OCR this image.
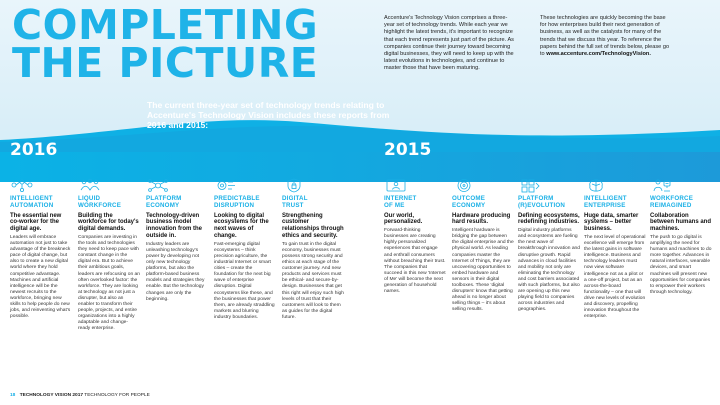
COMPLETING
THE PICTURE
Accenture's Technology Vision comprises a three-year set of technology trends. While each year we highlight the latest trends, it's important to recognize that each trend represents just part of the picture. As companies continue their journey toward becoming digital businesses, they will need to keep up with the latest evolutions in technologies, and continue to master those that have been maturing.
These technologies are quickly becoming the base for how enterprises build their next generation of business, as well as the catalysts for many of the trends that we discuss this year. To reference the papers behind the full set of trends below, please go to www.accenture.com/TechnologyVision.

The current three-year set of technology trends relating to Accenture's Technology Vision includes these reports from 2016 and 2015:

2016	2015
INTELLIGENT
AUTOMATION
The essential new co-worker for the digital age.

Leaders will embrace automation not just to take advantage of the breakneck pace of digital change, but also to create a new digital world where they hold competitive advantage. Machines and artificial intelligence will be the newest recruits to the workforce, bringing new skills to help people do new jobs, and reinventing what's possible.

LIQUID
WORKFORCE
Building the workforce for today's digital demands.

Companies are investing in the tools and technologies they need to keep pace with constant change in the digital era. But to achieve their ambitious goals, leaders are refocusing on an often overlooked factor: the workforce. They are looking at technology as not just a disrupter, but also an enabler to transform their people, projects, and entire organizations into a highly adaptable and change-ready enterprise.

PLATFORM
ECONOMY
Technology-driven business model innovation from the outside in.

Industry leaders are unleashing technology's power by developing not only new technology platforms, but also the platform-based business models and strategies they enable. But the technology changes are only the beginning.

PREDICTABLE
DISRUPTION
Looking to digital ecosystems for the next waves of change.

Fast-emerging digital ecosystems – think precision agriculture, the industrial Internet or smart cities – create the foundation for the next big wave of enterprise disruption. Digital ecosystems like these, and the businesses that power them, are already straddling markets and blurring industry boundaries.

DIGITAL
TRUST
Strengthening customer relationships through ethics and security.

To gain trust in the digital economy, businesses must possess strong security and ethics at each stage of the customer journey. And new products and services must be ethical- and secure-by-design. Businesses that get this right will enjoy such high levels of trust that their customers will look to them as guides for the digital future.

INTERNET
OF ME
Our world, personalized.

Forward-thinking businesses are creating highly personalized experiences that engage and enthrall consumers without breaching their trust. The companies that succeed in this new 'Internet of Me' will become the next generation of household names.

OUTCOME
ECONOMY
Hardware producing hard results.

Intelligent hardware is bridging the gap between the digital enterprise and the physical world. As leading companies master the Internet of Things, they are uncovering opportunities to embed hardware and sensors in their digital toolboxes. These 'digital disrupters' know that getting ahead is no longer about selling things – it's about selling results.

PLATFORM
(R)EVOLUTION
Defining ecosystems, redefining industries.

Digital industry platforms and ecosystems are fueling the next wave of breakthrough innovation and disruptive growth. Rapid advances in cloud facilities and mobility not only are eliminating the technology and cost barriers associated with such platforms, but also are opening up this new playing field to companies across industries and geographies.

INTELLIGENT
ENTERPRISE
Huge data, smarter systems – better business.

The next level of operational excellence will emerge from the latest gains in software intelligence. Business and technology leaders must now view software intelligence not as a pilot or a one-off project, but as an across-the-board functionality – one that will drive new levels of evolution and discovery, propelling innovation throughout the enterprise.

WORKFORCE
REIMAGINED
Collaboration between humans and machines.

The push to go digital is amplifying the need for humans and machines to do more together. Advances in natural interfaces, wearable devices, and smart machines will present new opportunities for companies to empower their workers through technology.

18 TECHNOLOGY VISION 2017 TECHNOLOGY FOR PEOPLE
